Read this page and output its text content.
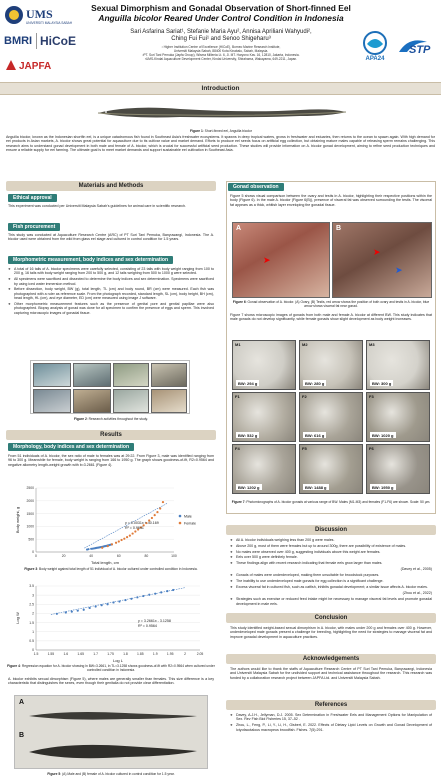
UMS
UNIVERSITI MALAYSIA SABAH
BMRI HiCoE
JAPFA
APA24
STP
Sexual Dimorphism and Gonadal Observation of Short-finned Eel
Anguilla bicolor Reared Under Control Condition in Indonesia
Sari Asfarina Sariat¹, Stefanie Maria Ayu², Annisa Apriliani Wahyudi²,
Ching Fui Fui¹ and Senoo Shigeharu³
¹ Higher Institution Centre of Excellence (HICoE), Borneo Marine Research Institute,
Universiti Malaysia Sabah, 88400 Kota Kinabalu, Sabah, Malaysia.
²PT. Suri Tani Pemuka (Japfa Group), Wisma Millenia Lt. 6, Jl. MT. Haryono Kav. 16, 12810, Jakarta, Indonesia.
³UMS-Kindai Aquaculture Development Center, Kindai University, Shirahama, Wakayama, 649-2211, Japan.
Introduction
Figure 1: Short-finned eel, Anguilla bicolor
Anguilla bicolor, known as the Indonesian shortfin eel, is a unique catadromous fish found in Southeast Asia's freshwater ecosystems. It spawns in deep tropical waters, grows in freshwater and estuaries, then returns to the ocean to spawn again. With high demand for eel products in Asian markets, A. bicolor shows great potential for aquaculture due to its cultivar value and market demand. Efforts to produce eel seeds focus on artificial egg collection, but obtaining mature males capable of releasing sperm remains challenging. This research aims to understand gonad development in both male and female of A. bicolor, which is crucial for successful artificial seed production. These studies will provide information on A. bicolor gonad development, aiming to refine seed production techniques and ensure a reliable supply for eel farming. The ultimate goal is to meet market demands and support sustainable eel cultivation in Southeast Asia.
Materials and Methods
Ethical approval
This experiment was conducted per Universiti Malaysia Sabah's guidelines for animal care in scientific research.
Fish procurement
This study was conducted at Aquaculture Research Centre (ARC) of PT Suri Tani Pemuka, Banyuwangi, Indonesia. The A. bicolor used were obtained from the wild from glass eel stage and cultured in control condition for 1.5 years.
Morphometric measurement, body indices and sex determination
❖ A total of 16 tails of A. bicolor specimens were carefully selected, consisting of 23 tails with body weight ranging from 100 to 200 g, 16 tails with body weight ranging from 200 to 500 g, and 12 tails weighing from 500 to 1000 g were selected.
❖ All specimens were sacrificed and dissected to determine the body indices and sex determination. Specimens were sacrificed by using iced water immersion method.
❖ Before dissection, body weight, BW (g), total length, TL (cm) and body round, BR (cm) were measured. Each fish was photographed with a ruler as reference scale. From the photograph recorded, standard length, SL (cm), body height, BH (cm), head length, HL (cm), and eye diameter, ED (cm) were measured using image J software.
❖ Other morphometric measurement features such as the presence of genital pore and genital papillae were also photographed. Biopsy analysis of gonad was done for all specimen to confirm the presence of eggs and sperm. This involved capturing microscopic images of gonadal tissue.
Figure 2: Research activities throughout the study.
Results
Morphology, body indices and sex determination
From 51 individuals of A. bicolor, the sex ratio of male to females was at 29:22. From Figure 3, male was identified ranging from 96 to 300 g. Meanwhile for female, body weight is ranging from 166 to 1950 g. The graph shows goodness-of-fit, R2=0.9564 and negative allometry length-weight growth with b=3.2661 (Figure 4).
0
500
1000
1500
2000
2500
0	20	40	60	80	100
Total length, cm
Body weight, g	y = 0.0031x + 40.169
R² = 0.9641
Male
Female
Figure 3: Body weight against total length of 51 individual of A. bicolor cultured under controlled condition in Indonesia.
0
0.5
1
1.5
2
2.5
3
3.5
1.5	1.55	1.6	1.65	1.7	1.75	1.8	1.85	1.9	1.95	2	2.05
Log L
Log W	y = 3.2661x - 3.1258
R² = 0.9564
Figure 4: Regression equation for A. bicolor showing ln BW=3.2661, ln TL=3.1258 shows goodness-of-fit with R2=0.9564 when cultured under controlled condition in Indonesia.
A. bicolor exhibits sexual dimorphism (Figure 5), where males are generally smaller than females. This size difference is a key characteristic that distinguishes the sexes, even though their genitalia do not provide clear differentiation.
A
B
Figure 5: (A) Male and (B) female of A. bicolor cultured in control condition for 1.5 year.
Gonad observation
Figure 5 shows visual comparison between the ovary and testis in A. bicolor, highlighting their respective positions within the body (Figure 6). In the male A. bicolor (Figure 6(B)), presence of visceral fat was observed surrounding the testis. The visceral fat appears as a thick, whitish layer enveloping the gonadal tissue.
A
➤
B
➤
➤
Figure 6: Gonad observation of A. bicolor. (A) Ovary, (B) Testis, red arrow shows the position of both ovary and testis in A. bicolor, blue arrow shows visceral fat near gonad.
Figure 7 shows microscopic images of gonads from both male and female A. bicolor at different BW. This study indicates that male gonads do not develop significantly, while female gonads show slight development as body weight increases.
M1
BW: 294 g
M2
BW: 280 g
M3
BW: 300 g
F1
BW: 532 g
F2
BW: 616 g
F3
BW: 1020 g
F4
BW: 1202 g
F5
BW: 1488 g
F6
BW: 1950 g
Figure 7: Photomicrographs of A. bicolor gonads at various range of BW. Males (M1-M3) and females (F1-F6) are shown. Scale: 50 μm.
Discussion
❖ All A. bicolor individuals weighing less than 200 g were males.
❖ Above 200 g, most of them were females but up to around 300g, there are possibility of existence of males.
❖ No males were observed over 400 g, suggesting individuals above this weight are females.
❖ Eels over 500 g were definitely female.
❖ These findings align with recent research indicating that female eels grow larger than males.
(Davey et al., 2005)
❖ Gonads of males were underdeveloped, making them unsuitable for broodstock purposes.
❖ The inability to use underdeveloped male gonads for egg collection is a significant challenge.
❖ Excess visceral fat in cultured fish, such as catfish, inhibits gonadal development; a similar issue affects A. bicolor males.
(Zhou et al., 2022)
❖ Strategies such as exercise or reduced feed intake might be necessary to manage visceral fat levels and promote gonadal development in male eels.
Conclusion
This study identified weight-based sexual dimorphism in A. bicolor, with males under 200 g and females over 400 g. However, underdeveloped male gonads present a challenge for breeding, highlighting the need for strategies to manage visceral fat and improve gonadal development in aquaculture practices.
Acknowledgements
The authors would like to thank the staffs of Aquaculture Research Centre of PT Suri Tani Pemuka, Banyuwangi, Indonesia and Universiti Malaysia Sabah for the undivided support and technical assistance throughout the research. This research was funded by a collaboration research project between JAPFA Ltd. and Universiti Malaysia Sabah.
References
❖ Davey, A.J.H., Jellyman, D.J. 2005. Sex Determination in Freshwater Eels and Management Options for Manipulation of Sex. Rev Fish Biol Fisheries 15, 37–52 .
❖ Zhou, L., Feng, P., Li, Y., Li, H., Gisbert, E. 2022. Effects of Dietary Lipid Levels on Growth and Gonad Development of Ictyofacotalous macropeus broodfish. Fishes. 7(5):291.
